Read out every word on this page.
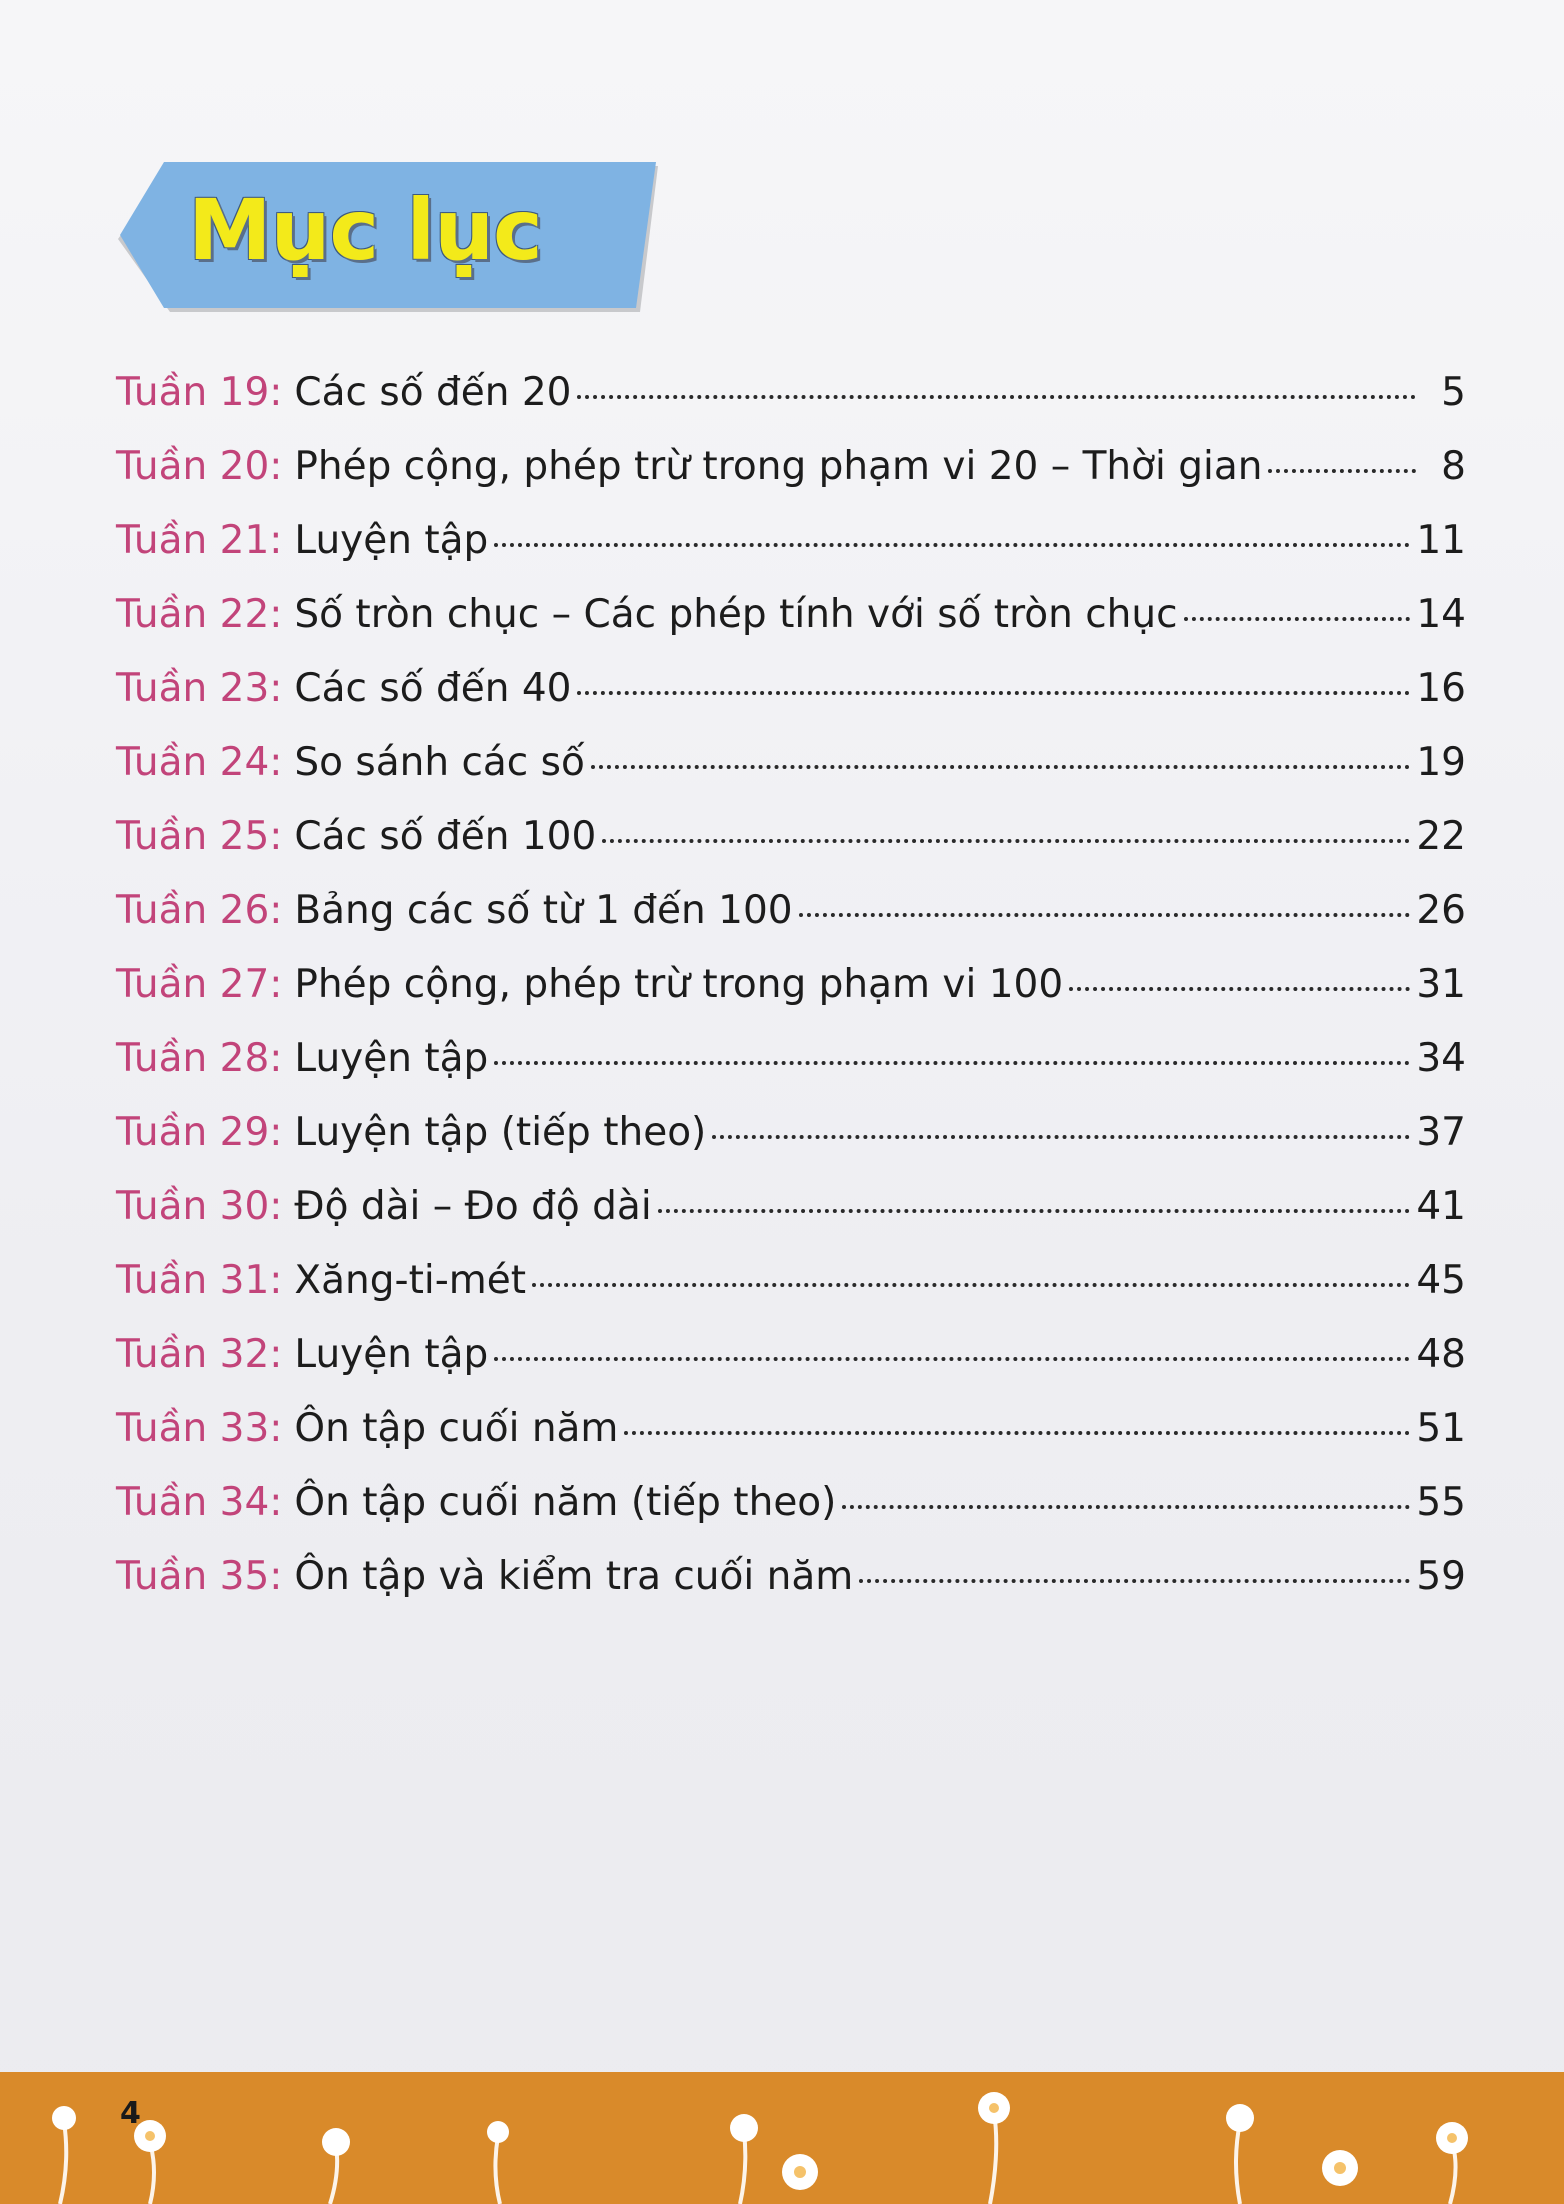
Mục lục
Tuần 19: Các số đến 20	5
Tuần 20: Phép cộng, phép trừ trong phạm vi 20 – Thời gian	8
Tuần 21: Luyện tập	11
Tuần 22: Số tròn chục – Các phép tính với số tròn chục	14
Tuần 23: Các số đến 40	16
Tuần 24: So sánh các số	19
Tuần 25: Các số đến 100	22
Tuần 26: Bảng các số từ 1 đến 100	26
Tuần 27: Phép cộng, phép trừ trong phạm vi 100	31
Tuần 28: Luyện tập	34
Tuần 29: Luyện tập (tiếp theo)	37
Tuần 30: Độ dài – Đo độ dài	41
Tuần 31: Xăng-ti-mét	45
Tuần 32: Luyện tập	48
Tuần 33: Ôn tập cuối năm	51
Tuần 34: Ôn tập cuối năm (tiếp theo)	55
Tuần 35: Ôn tập và kiểm tra cuối năm	59
4
